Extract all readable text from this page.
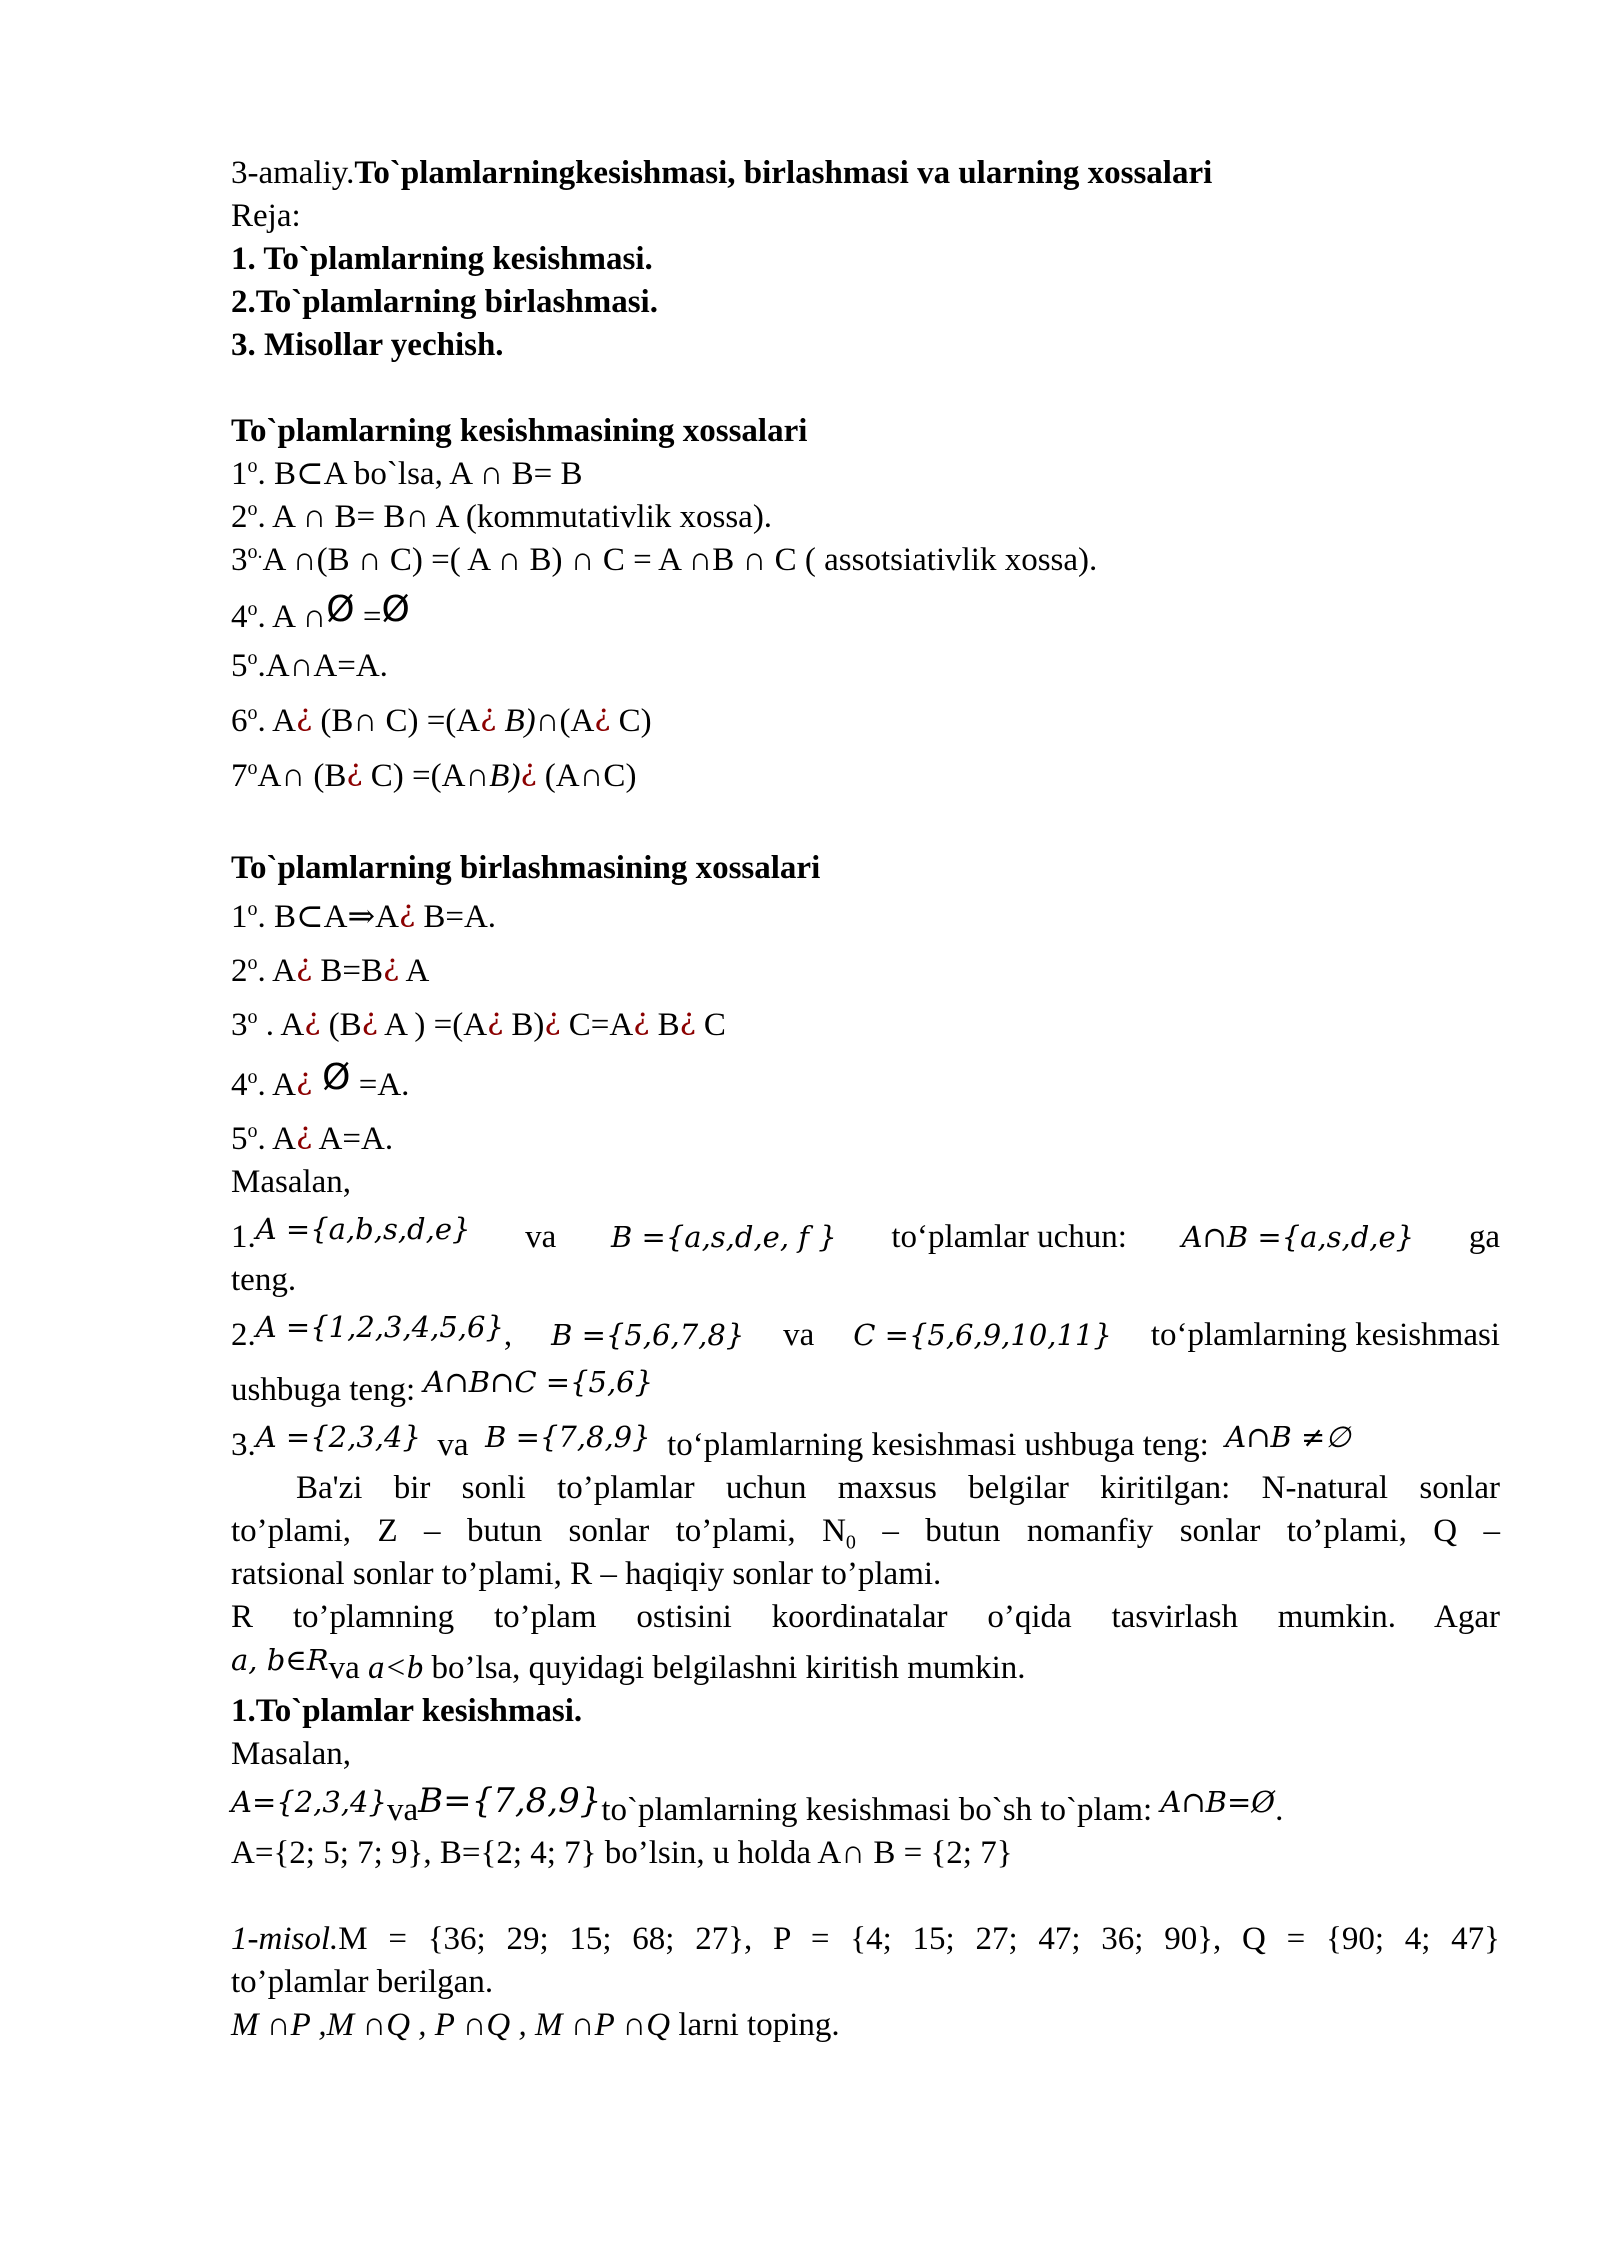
3-amaliy.To`plamlarningkesishmasi, birlashmasi va ularning xossalari
Reja:
1. To`plamlarning kesishmasi.
2.To`plamlarning birlashmasi.
3. Misollar yechish.
To`plamlarning kesishmasining xossalari
1$^o$. B⊂A bo`lsa, A ∩ B= B
2$^o$. A ∩ B= B∩ A (kommutativlik xossa).
$3^{o.}A$ ∩(B ∩ C) =( A ∩ B) ∩ C = A ∩B ∩ C ( assotsiativlik xossa).
4$^o$. A ∩Ø =Ø
$5^o.A\cap A=A$.
6$^o$. A¿ (B∩ C) =(A¿ B)∩(A¿ C)
7$^o$A∩ (B¿ C) =(A∩B)¿ (A∩C)
To`plamlarning birlashmasining xossalari
1$^o$. B⊂A⇒A¿ B=A.
2$^o$. A¿ B=B¿ A
3$^o$ . A¿ (B¿ A ) =(A¿ B)¿ C=A¿ B¿ C
4$^o$. A¿ Ø =A.
5$^o$. A¿ A=A.
Masalan,
1.A ={a,b,s,d,e} va B ={a,s,d,e, f } to‘plamlar uchun: A∩B ={a,s,d,e} ga
teng.
2.A ={1,2,3,4,5,6}, B ={5,6,7,8} va C ={5,6,9,10,11} to‘plamlarning kesishmasi
ushbuga teng: A∩B∩C ={5,6}
3.A ={2,3,4} va B ={7,8,9} to‘plamlarning kesishmasi ushbuga teng: A∩B ≠∅
Ba'zi bir sonli to’plamlar uchun maxsus belgilar kiritilgan: N-natural sonlar
to’plami, Z – butun sonlar to’plami, $N_0$ – butun nomanfiy sonlar to’plami, Q –
ratsional sonlar to’plami, R – haqiqiy sonlar to’plami.
R to’plamning to’plam ostisini koordinatalar o’qida tasvirlash mumkin. Agar
a, b∈Rva a<b bo’lsa, quyidagi belgilashni kiritish mumkin.
1.To`plamlar kesishmasi.
Masalan,
A={2,3,4}vaB={7,8,9}to`plamlarning kesishmasi bo`sh to`plam: A∩B=Ø.
A={2; 5; 7; 9}, B={2; 4; 7} bo’lsin, u holda A∩ B = {2; 7}
1-misol.M = {36; 29; 15; 68; 27}, P = {4; 15; 27; 47; 36; 90}, Q = {90; 4; 47}
to’plamlar berilgan.
M ∩P ,M ∩Q , P ∩Q , M ∩P ∩Q larni toping.
